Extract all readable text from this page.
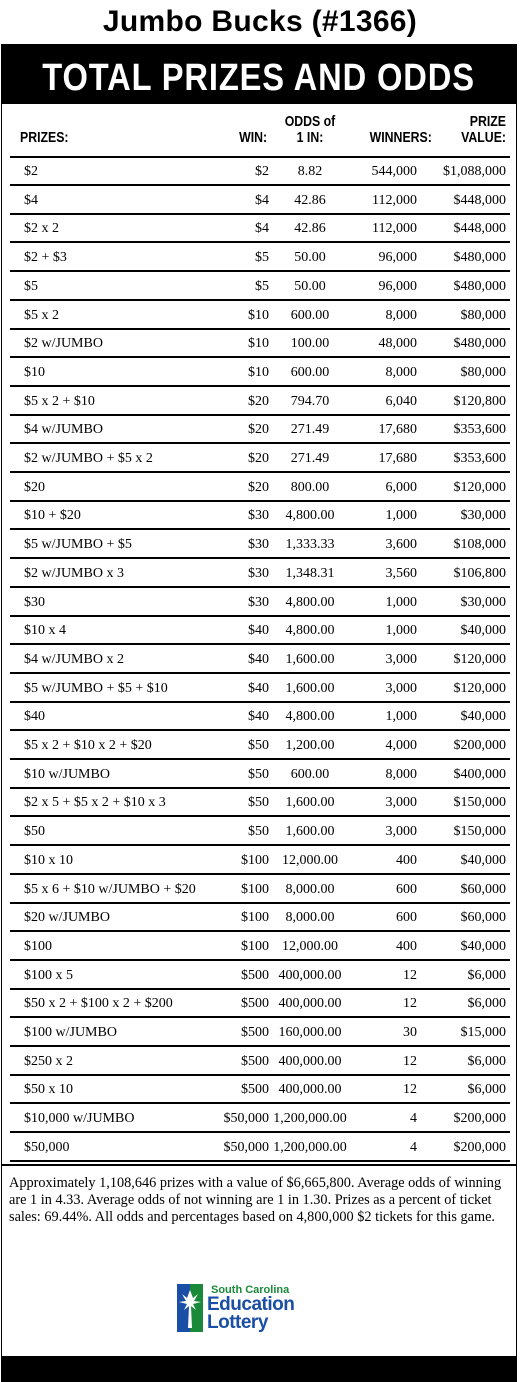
Jumbo Bucks (#1366)
TOTAL PRIZES AND ODDS
PRIZES:	WIN:
ODDS of
1 IN:	WINNERS:
PRIZE
VALUE:
$2	$2	8.82	544,000	$1,088,000
$4	$4	42.86	112,000	$448,000
$2 x 2	$4	42.86	112,000	$448,000
$2 + $3	$5	50.00	96,000	$480,000
$5	$5	50.00	96,000	$480,000
$5 x 2	$10	600.00	8,000	$80,000
$2 w/JUMBO	$10	100.00	48,000	$480,000
$10	$10	600.00	8,000	$80,000
$5 x 2 + $10	$20	794.70	6,040	$120,800
$4 w/JUMBO	$20	271.49	17,680	$353,600
$2 w/JUMBO + $5 x 2	$20	271.49	17,680	$353,600
$20	$20	800.00	6,000	$120,000
$10 + $20	$30	4,800.00	1,000	$30,000
$5 w/JUMBO + $5	$30	1,333.33	3,600	$108,000
$2 w/JUMBO x 3	$30	1,348.31	3,560	$106,800
$30	$30	4,800.00	1,000	$30,000
$10 x 4	$40	4,800.00	1,000	$40,000
$4 w/JUMBO x 2	$40	1,600.00	3,000	$120,000
$5 w/JUMBO + $5 + $10	$40	1,600.00	3,000	$120,000
$40	$40	4,800.00	1,000	$40,000
$5 x 2 + $10 x 2 + $20	$50	1,200.00	4,000	$200,000
$10 w/JUMBO	$50	600.00	8,000	$400,000
$2 x 5 + $5 x 2 + $10 x 3	$50	1,600.00	3,000	$150,000
$50	$50	1,600.00	3,000	$150,000
$10 x 10	$100 12,000.00	400	$40,000
$5 x 6 + $10 w/JUMBO + $20	$100	8,000.00	600	$60,000
$20 w/JUMBO	$100	8,000.00	600	$60,000
$100	$100 12,000.00	400	$40,000
$100 x 5	$500 400,000.00	12	$6,000
$50 x 2 + $100 x 2 + $200	$500 400,000.00	12	$6,000
$100 w/JUMBO	$500 160,000.00	30	$15,000
$250 x 2	$500 400,000.00	12	$6,000
$50 x 10	$500 400,000.00	12	$6,000
$10,000 w/JUMBO	$50,000 1,200,000.00	4	$200,000
$50,000	$50,000 1,200,000.00	4	$200,000
Approximately 1,108,646 prizes with a value of $6,665,800. Average odds of winning are 1 in 4.33. Average odds of not winning are 1 in 1.30. Prizes as a percent of ticket sales: 69.44%. All odds and percentages based on 4,800,000 $2 tickets for this game.
South Carolina
Education
Lottery
